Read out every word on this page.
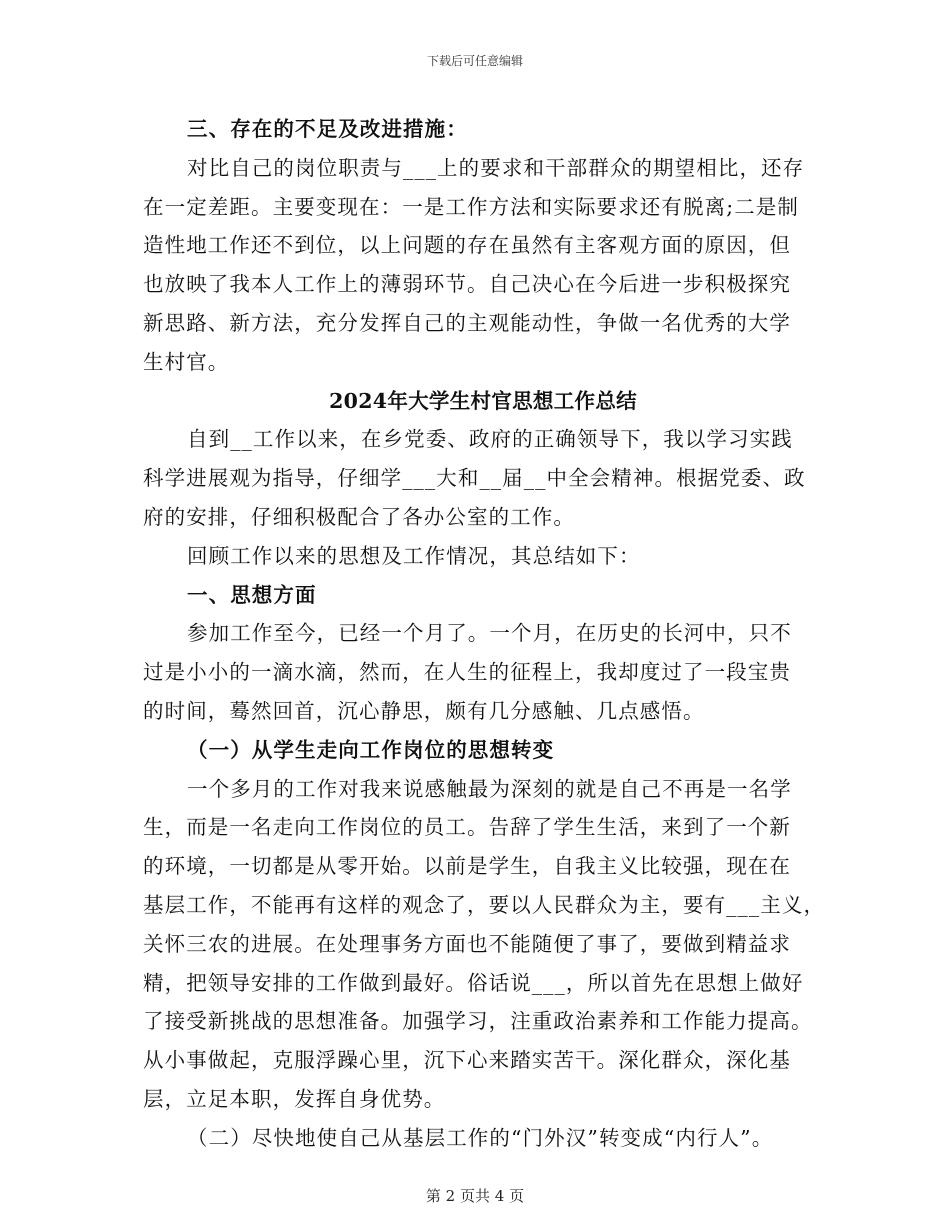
下载后可任意编辑
三、存在的不足及改进措施：
对比自己的岗位职责与___上的要求和干部群众的期望相比，还存
在一定差距。主要变现在：一是工作方法和实际要求还有脱离;二是制
造性地工作还不到位，以上问题的存在虽然有主客观方面的原因，但
也放映了我本人工作上的薄弱环节。自己决心在今后进一步积极探究
新思路、新方法，充分发挥自己的主观能动性，争做一名优秀的大学
生村官。
2024年大学生村官思想工作总结
自到__工作以来，在乡党委、政府的正确领导下，我以学习实践
科学进展观为指导，仔细学___大和__届__中全会精神。根据党委、政
府的安排，仔细积极配合了各办公室的工作。
回顾工作以来的思想及工作情况，其总结如下：
一、思想方面
参加工作至今，已经一个月了。一个月，在历史的长河中，只不
过是小小的一滴水滴，然而，在人生的征程上，我却度过了一段宝贵
的时间，蓦然回首，沉心静思，颇有几分感触、几点感悟。
（一）从学生走向工作岗位的思想转变
一个多月的工作对我来说感触最为深刻的就是自己不再是一名学
生，而是一名走向工作岗位的员工。告辞了学生生活，来到了一个新
的环境，一切都是从零开始。以前是学生，自我主义比较强，现在在
基层工作，不能再有这样的观念了，要以人民群众为主，要有___主义，
关怀三农的进展。在处理事务方面也不能随便了事了，要做到精益求
精，把领导安排的工作做到最好。俗话说___，所以首先在思想上做好
了接受新挑战的思想准备。加强学习，注重政治素养和工作能力提高。
从小事做起，克服浮躁心里，沉下心来踏实苦干。深化群众，深化基
层，立足本职，发挥自身优势。
（二）尽快地使自己从基层工作的“门外汉”转变成“内行人”。
第 2 页共 4 页
